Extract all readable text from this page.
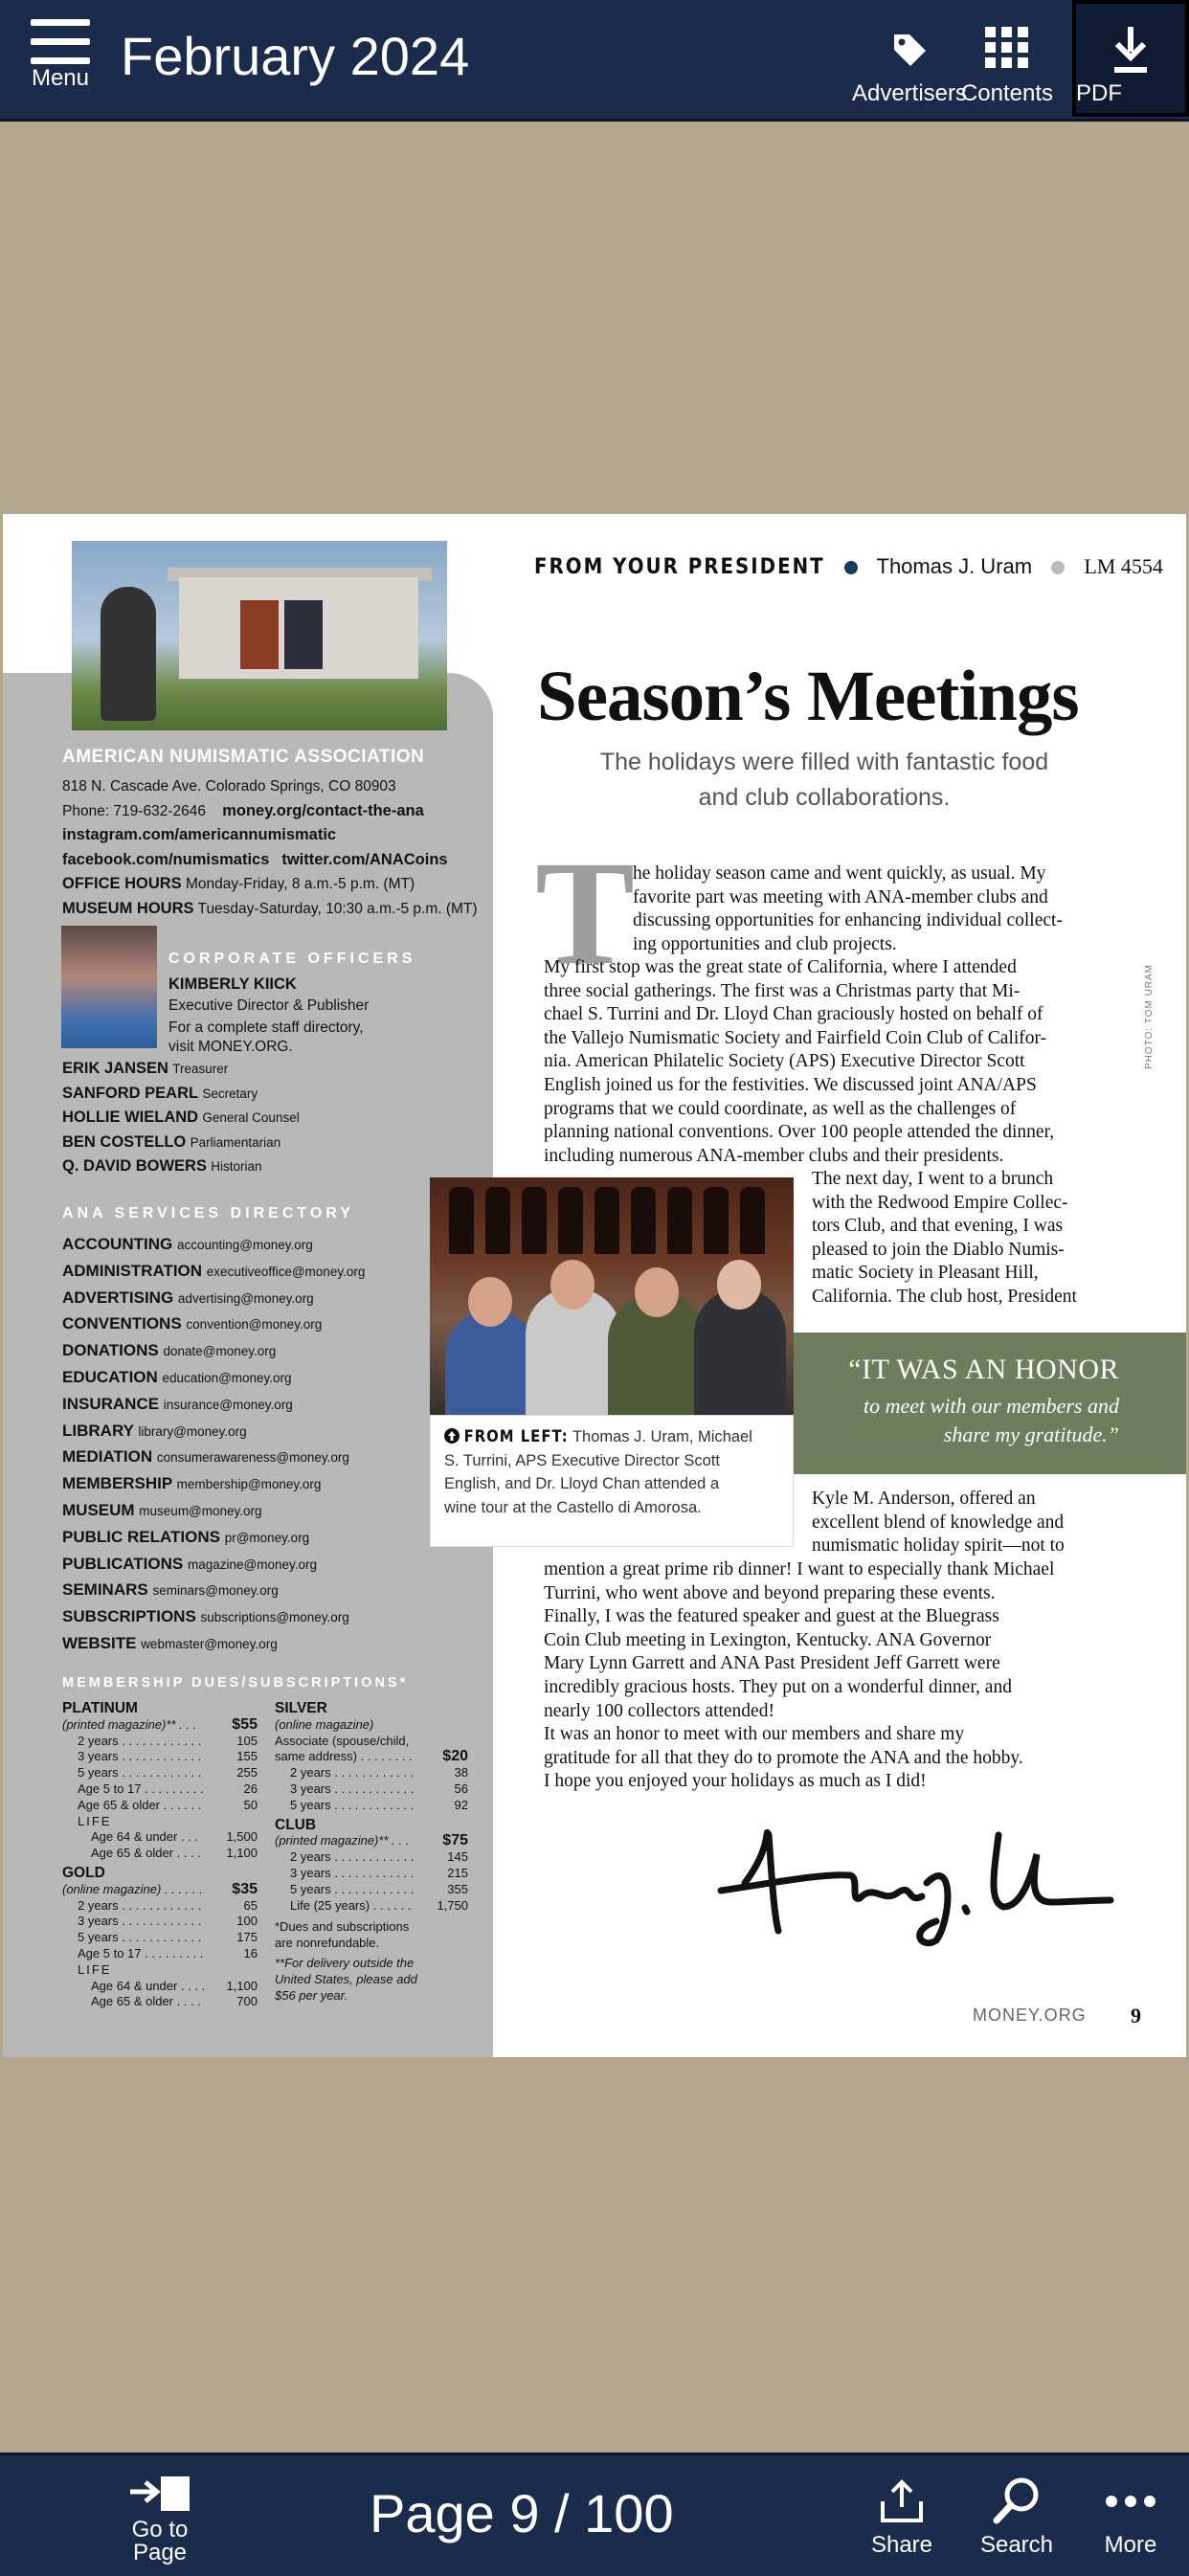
Menu February 2024
Advertisers
Contents PDF
AMERICAN NUMISMATIC ASSOCIATION
818 N. Cascade Ave. Colorado Springs, CO 80903
Phone: 719-632-2646 money.org/contact-the-ana
instagram.com/americannumismatic
facebook.com/numismatics twitter.com/ANACoins
OFFICE HOURS Monday-Friday, 8 a.m.-5 p.m. (MT)
MUSEUM HOURS Tuesday-Saturday, 10:30 a.m.-5 p.m. (MT)
CORPORATE OFFICERS
KIMBERLY KIICK
Executive Director & Publisher
For a complete staff directory,
visit MONEY.ORG.
ERIK JANSEN Treasurer
SANFORD PEARL Secretary
HOLLIE WIELAND General Counsel
BEN COSTELLO Parliamentarian
Q. DAVID BOWERS Historian
ANA SERVICES DIRECTORY
ACCOUNTING accounting@money.org
ADMINISTRATION executiveoffice@money.org
ADVERTISING advertising@money.org
CONVENTIONS convention@money.org
DONATIONS donate@money.org
EDUCATION education@money.org
INSURANCE insurance@money.org
LIBRARY library@money.org
MEDIATION consumerawareness@money.org
MEMBERSHIP membership@money.org
MUSEUM museum@money.org
PUBLIC RELATIONS pr@money.org
PUBLICATIONS magazine@money.org
SEMINARS seminars@money.org
SUBSCRIPTIONS subscriptions@money.org
WEBSITE webmaster@money.org
MEMBERSHIP DUES/SUBSCRIPTIONS*
PLATINUM
(printed magazine)** . . . $55
2 years . . . . . . . . . . . .	105
3 years . . . . . . . . . . . .	155
5 years . . . . . . . . . . . .	255
Age 5 to 17 . . . . . . . . .	26
Age 65 & older . . . . . .	50
LIFE
Age 64 & under . . . 1,500
Age 65 & older . . . . 1,100
GOLD
(online magazine) . . . . . . $35
2 years . . . . . . . . . . . .	65
3 years . . . . . . . . . . . .	100
5 years . . . . . . . . . . . .	175
Age 5 to 17 . . . . . . . . .	16
LIFE
Age 64 & under . . . . 1,100
Age 65 & older . . . .	700
SILVER
(online magazine)
Associate (spouse/child,
same address) . . . . . . . . $20
2 years . . . . . . . . . . . .	38
3 years . . . . . . . . . . . .	56
5 years . . . . . . . . . . . .	92
CLUB
(printed magazine)** . . . $75
2 years . . . . . . . . . . . .	145
3 years . . . . . . . . . . . .	215
5 years . . . . . . . . . . . .	355
Life (25 years) . . . . . . 1,750
*Dues and subscriptions
are nonrefundable.
**For delivery outside the
United States, please add
$56 per year.
FROM YOUR PRESIDENT Thomas J. Uram LM 4554
Season’s Meetings
The holidays were filled with fantastic food
and club collaborations.
T
he holiday season came and went quickly, as usual. My
favorite part was meeting with ANA-member clubs and
discussing opportunities for enhancing individual collect-
ing opportunities and club projects.
My first stop was the great state of California, where I attended
three social gatherings. The first was a Christmas party that Mi-
chael S. Turrini and Dr. Lloyd Chan graciously hosted on behalf of
the Vallejo Numismatic Society and Fairfield Coin Club of Califor-
nia. American Philatelic Society (APS) Executive Director Scott
English joined us for the festivities. We discussed joint ANA/APS
programs that we could coordinate, as well as the challenges of
planning national conventions. Over 100 people attended the dinner,
including numerous ANA-member clubs and their presidents.
The next day, I went to a brunch
with the Redwood Empire Collec-
tors Club, and that evening, I was
pleased to join the Diablo Numis-
matic Society in Pleasant Hill,
California. The club host, President
“IT WAS AN HONOR
to meet with our members and
share my gratitude.”
Kyle M. Anderson, offered an
excellent blend of knowledge and
numismatic holiday spirit—not to
mention a great prime rib dinner! I want to especially thank Michael
Turrini, who went above and beyond preparing these events.
Finally, I was the featured speaker and guest at the Bluegrass
Coin Club meeting in Lexington, Kentucky. ANA Governor
Mary Lynn Garrett and ANA Past President Jeff Garrett were
incredibly gracious hosts. They put on a wonderful dinner, and
nearly 100 collectors attended!
It was an honor to meet with our members and share my
gratitude for all that they do to promote the ANA and the hobby.
I hope you enjoyed your holidays as much as I did!
PHOTO: TOM URAM
FROM LEFT: Thomas J. Uram, Michael
S. Turrini, APS Executive Director Scott
English, and Dr. Lloyd Chan attended a
wine tour at the Castello di Amorosa.
MONEY.ORG 9
Go to
Page
Page 9 / 100
Share	Search	More
